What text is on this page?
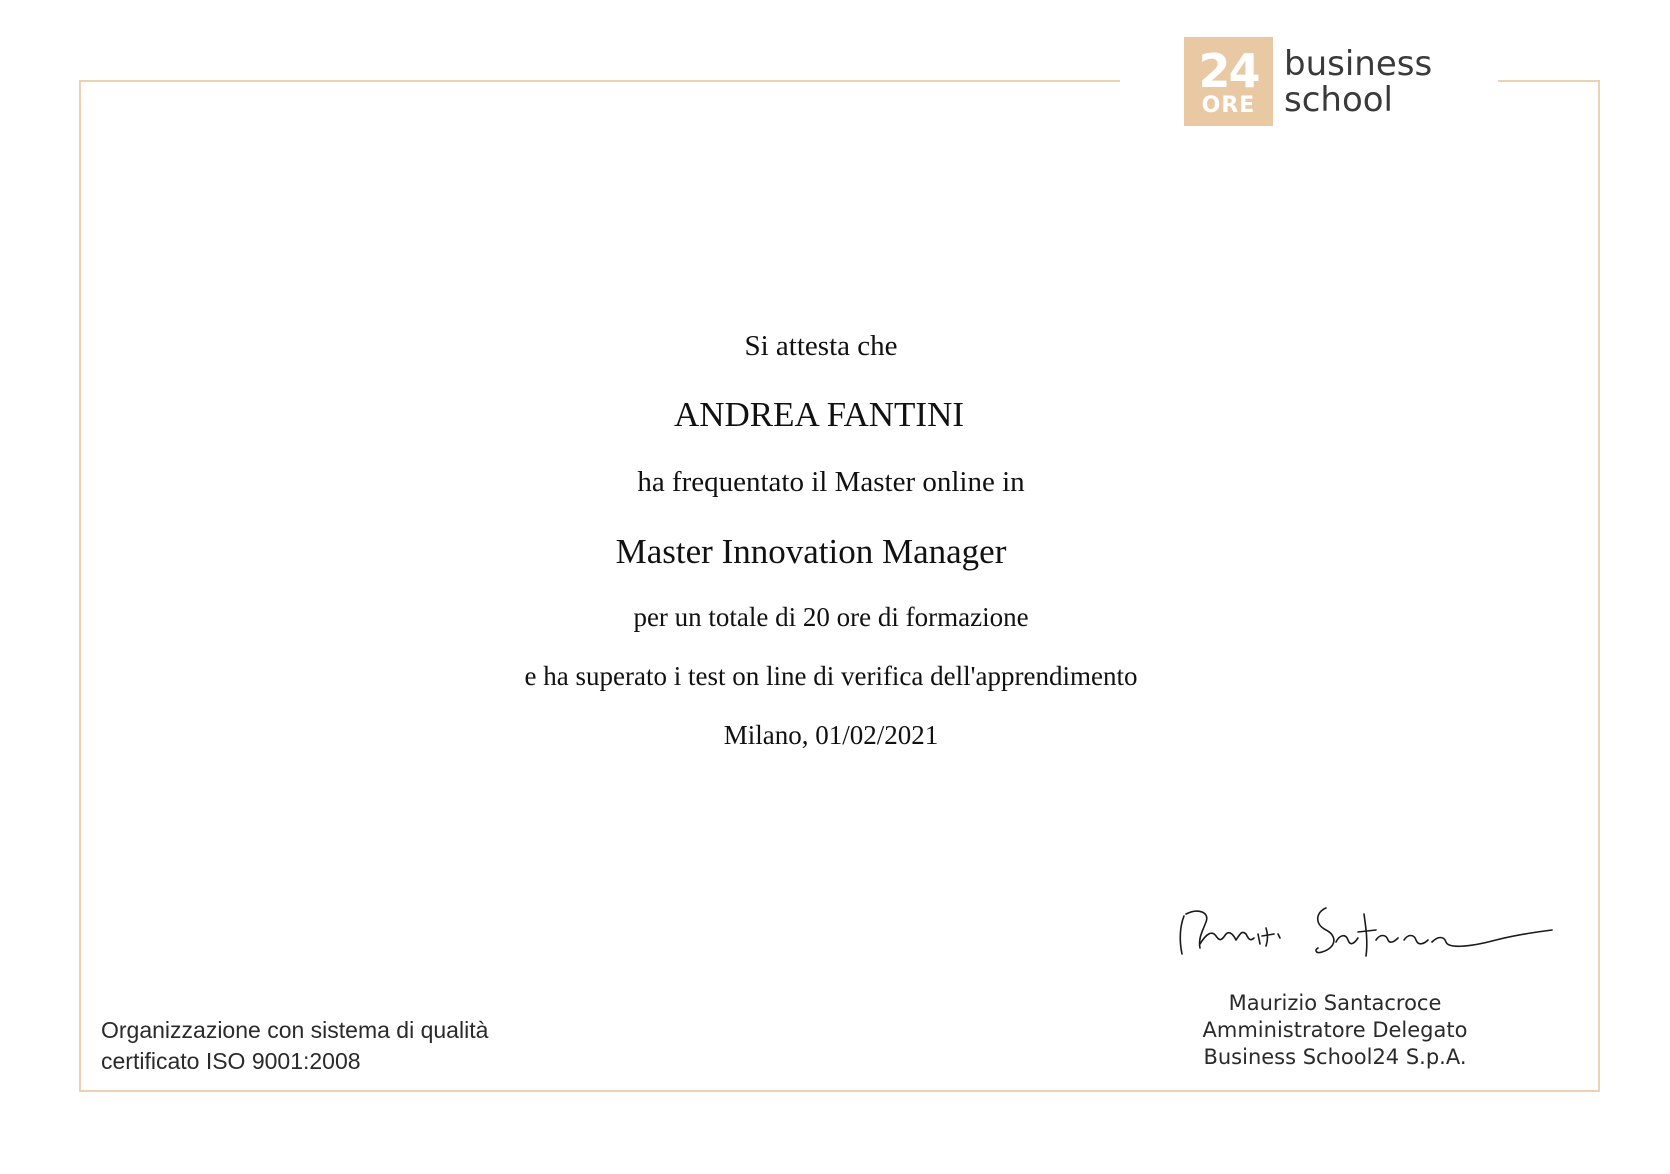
24
ORE
business
school
Si attesta che
ANDREA FANTINI
ha frequentato il Master online in
Master Innovation Manager
per un totale di 20 ore di formazione
e ha superato i test on line di verifica dell'apprendimento
Milano, 01/02/2021
Maurizio Santacroce
Amministratore Delegato
Business School24 S.p.A.
Organizzazione con sistema di qualità
certificato ISO 9001:2008
